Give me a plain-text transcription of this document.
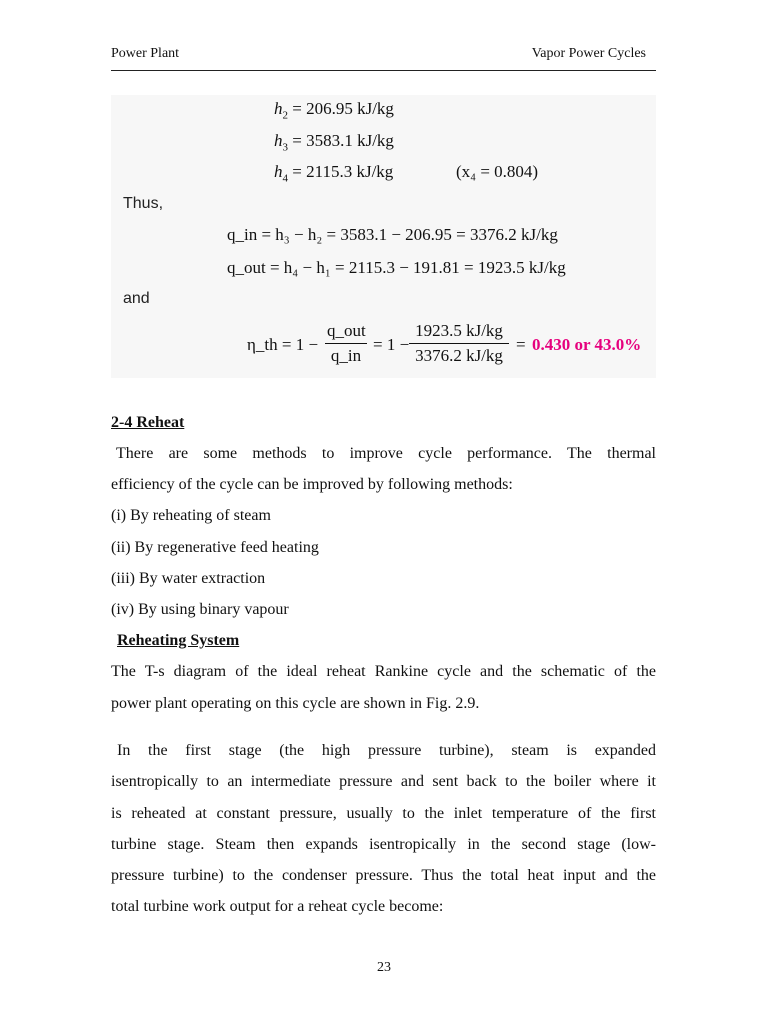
Power Plant	Vapor Power Cycles
$h_2 = 206.95$ kJ/kg
$h_3 = 3583.1$ kJ/kg
$h_4 = 2115.3$ kJ/kg	(x₄ = 0.804)
Thus,
q_in = h₃ − h₂ = 3583.1 − 206.95 = 3376.2 kJ/kg
q_out = h₄ − h₁ = 2115.3 − 191.81 = 1923.5 kJ/kg
and
η_th = 1 −
q_out
q_in
= $1 - \frac{1923.5 kJ/kg}{3376.2 kJ/kg} = 0.430$ or 43.0%
2-4 Reheat
There are some methods to improve cycle performance. The thermal
efficiency of the cycle can be improved by following methods:
(i) By reheating of steam
(ii) By regenerative feed heating
(iii) By water extraction
(iv) By using binary vapour
Reheating System
The T-s diagram of the ideal reheat Rankine cycle and the schematic of the
power plant operating on this cycle are shown in Fig. 2.9.
In the first stage (the high pressure turbine), steam is expanded
isentropically to an intermediate pressure and sent back to the boiler where it
is reheated at constant pressure, usually to the inlet temperature of the first
turbine stage. Steam then expands isentropically in the second stage (low-
pressure turbine) to the condenser pressure. Thus the total heat input and the
total turbine work output for a reheat cycle become:
23
